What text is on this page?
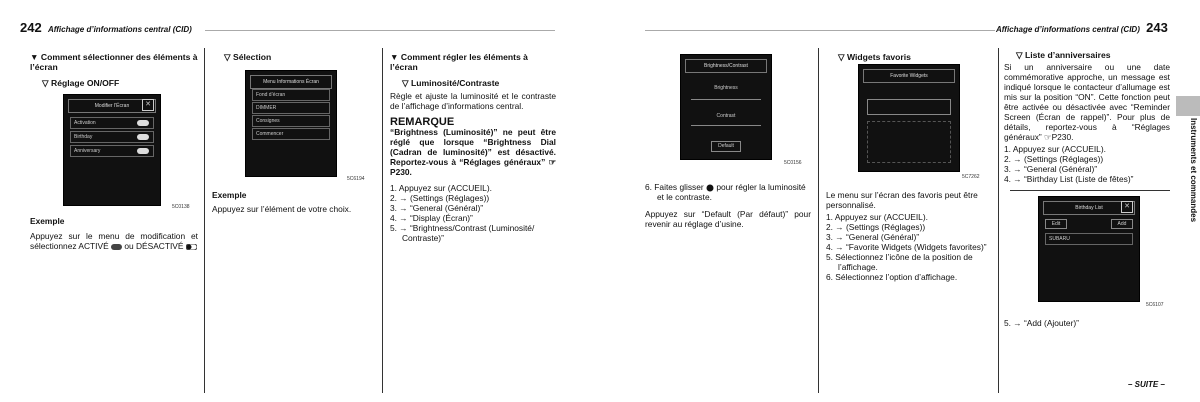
242 Affichage d’informations central (CID)
▼ Comment sélectionner des éléments à l’écran
▽ Réglage ON/OFF
Modifier l’Écran	✕
Activation
Birthday
Anniversary
5C0138
Exemple
Appuyez sur le menu de modification et sélectionnez ACTIVÉ ou DÉSACTIVÉ
▽ Sélection
Menu Informations Écran
Fond d’écran
DIMMER
Consignes
Commencer
5C6194
Exemple
Appuyez sur l’élément de votre choix.
▼ Comment régler les éléments à l’écran
▽ Luminosité/Contraste
Règle et ajuste la luminosité et le contraste de l’affichage d’informations central.
REMARQUE
“Brightness (Luminosité)” ne peut être réglé que lorsque “Brightness Dial (Cadran de luminosité)” est désactivé. Reportez-vous à “Réglages généraux” ☞P230.
1. Appuyez sur (ACCUEIL).
2. → (Settings (Réglages))
3. → “General (Général)”
4. → “Display (Écran)”
5. → “Brightness/Contrast (Luminosité/ Contraste)”
Affichage d’informations central (CID) 243
Brightness/Contrast
Brightness
Contrast
Default
5C0156
6. Faites glisser pour régler la luminosité et le contraste.
Appuyez sur “Default (Par défaut)” pour revenir au réglage d’usine.
▽ Widgets favoris
Favorite Widgets
5C7262
Le menu sur l’écran des favoris peut être personnalisé.
1. Appuyez sur (ACCUEIL).
2. → (Settings (Réglages))
3. → “General (Général)”
4. → “Favorite Widgets (Widgets favorites)”
5. Sélectionnez l’icône de la position de l’affichage.
6. Sélectionnez l’option d’affichage.
▽ Liste d’anniversaires
Si un anniversaire ou une date commémorative approche, un message est indiqué lorsque le contacteur d’allumage est mis sur la position “ON”. Cette fonction peut être activée ou désactivée avec “Reminder Screen (Écran de rappel)”. Pour plus de détails, reportez-vous à “Réglages généraux” ☞P230.
1. Appuyez sur (ACCUEIL).
2. → (Settings (Réglages))
3. → “General (Général)”
4. → “Birthday List (Liste de fêtes)”
Birthday List	✕
Edit	Add
SUBARU
5C6107
5. → “Add (Ajouter)”
Instruments et commandes
– SUITE –
